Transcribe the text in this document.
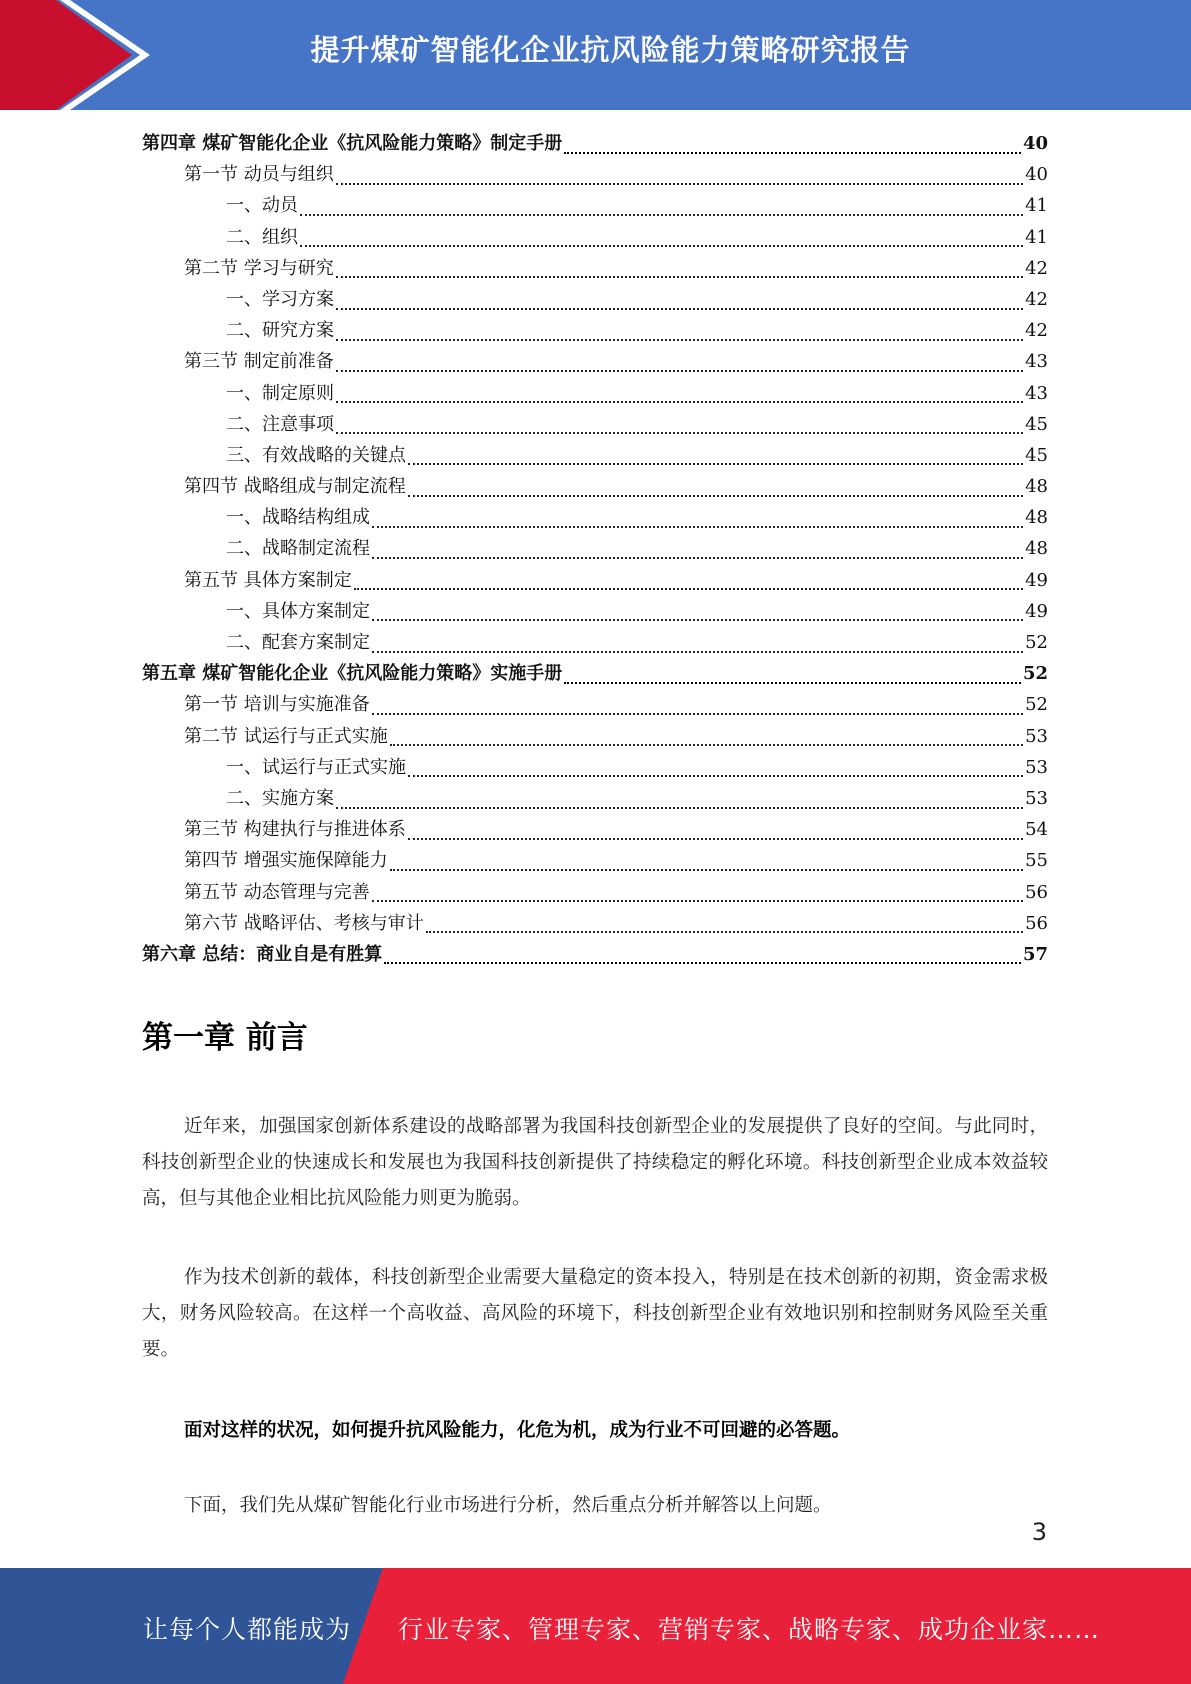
提升煤矿智能化企业抗风险能力策略研究报告
第四章 煤矿智能化企业《抗风险能力策略》制定手册	40
第一节 动员与组织	40
一、动员	41
二、组织	41
第二节 学习与研究	42
一、学习方案	42
二、研究方案	42
第三节 制定前准备	43
一、制定原则	43
二、注意事项	45
三、有效战略的关键点	45
第四节 战略组成与制定流程	48
一、战略结构组成	48
二、战略制定流程	48
第五节 具体方案制定	49
一、具体方案制定	49
二、配套方案制定	52
第五章 煤矿智能化企业《抗风险能力策略》实施手册	52
第一节 培训与实施准备	52
第二节 试运行与正式实施	53
一、试运行与正式实施	53
二、实施方案	53
第三节 构建执行与推进体系	54
第四节 增强实施保障能力	55
第五节 动态管理与完善	56
第六节 战略评估、考核与审计	56
第六章 总结：商业自是有胜算	57
第一章 前言
近年来，加强国家创新体系建设的战略部署为我国科技创新型企业的发展提供了良好的空间。与此同时，科技创新型企业的快速成长和发展也为我国科技创新提供了持续稳定的孵化环境。科技创新型企业成本效益较高，但与其他企业相比抗风险能力则更为脆弱。
作为技术创新的载体，科技创新型企业需要大量稳定的资本投入，特别是在技术创新的初期，资金需求极大，财务风险较高。在这样一个高收益、高风险的环境下，科技创新型企业有效地识别和控制财务风险至关重要。
面对这样的状况，如何提升抗风险能力，化危为机，成为行业不可回避的必答题。
下面，我们先从煤矿智能化行业市场进行分析，然后重点分析并解答以上问题。
3
让每个人都能成为 行业专家、管理专家、营销专家、战略专家、成功企业家……
